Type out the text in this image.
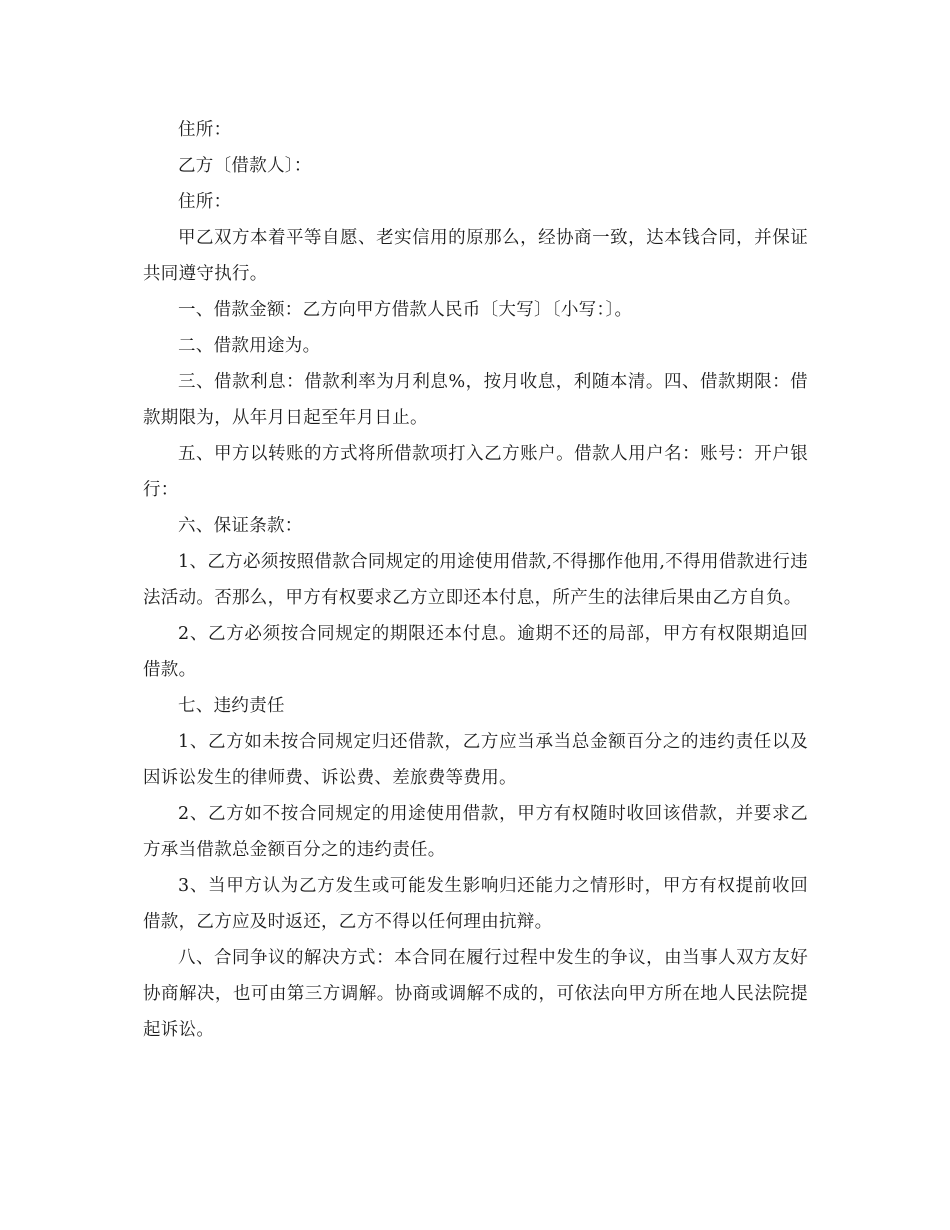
住所：

乙方〔借款人〕：

住所：

甲乙双方本着平等自愿、老实信用的原那么，经协商一致，达本钱合同，并保证共同遵守执行。

一、借款金额：乙方向甲方借款人民币〔大写〕〔小写：〕。

二、借款用途为。

三、借款利息：借款利率为月利息%，按月收息，利随本清。四、借款期限：借款期限为，从年月日起至年月日止。

五、甲方以转账的方式将所借款项打入乙方账户。借款人用户名：账号：开户银行：

六、保证条款：

1、乙方必须按照借款合同规定的用途使用借款,不得挪作他用,不得用借款进行违法活动。否那么，甲方有权要求乙方立即还本付息，所产生的法律后果由乙方自负。

2、乙方必须按合同规定的期限还本付息。逾期不还的局部，甲方有权限期追回借款。

七、违约责任

1、乙方如未按合同规定归还借款，乙方应当承当总金额百分之的违约责任以及因诉讼发生的律师费、诉讼费、差旅费等费用。

2、乙方如不按合同规定的用途使用借款，甲方有权随时收回该借款，并要求乙方承当借款总金额百分之的违约责任。

3、当甲方认为乙方发生或可能发生影响归还能力之情形时，甲方有权提前收回借款，乙方应及时返还，乙方不得以任何理由抗辩。

八、合同争议的解决方式：本合同在履行过程中发生的争议，由当事人双方友好协商解决，也可由第三方调解。协商或调解不成的，可依法向甲方所在地人民法院提起诉讼。
